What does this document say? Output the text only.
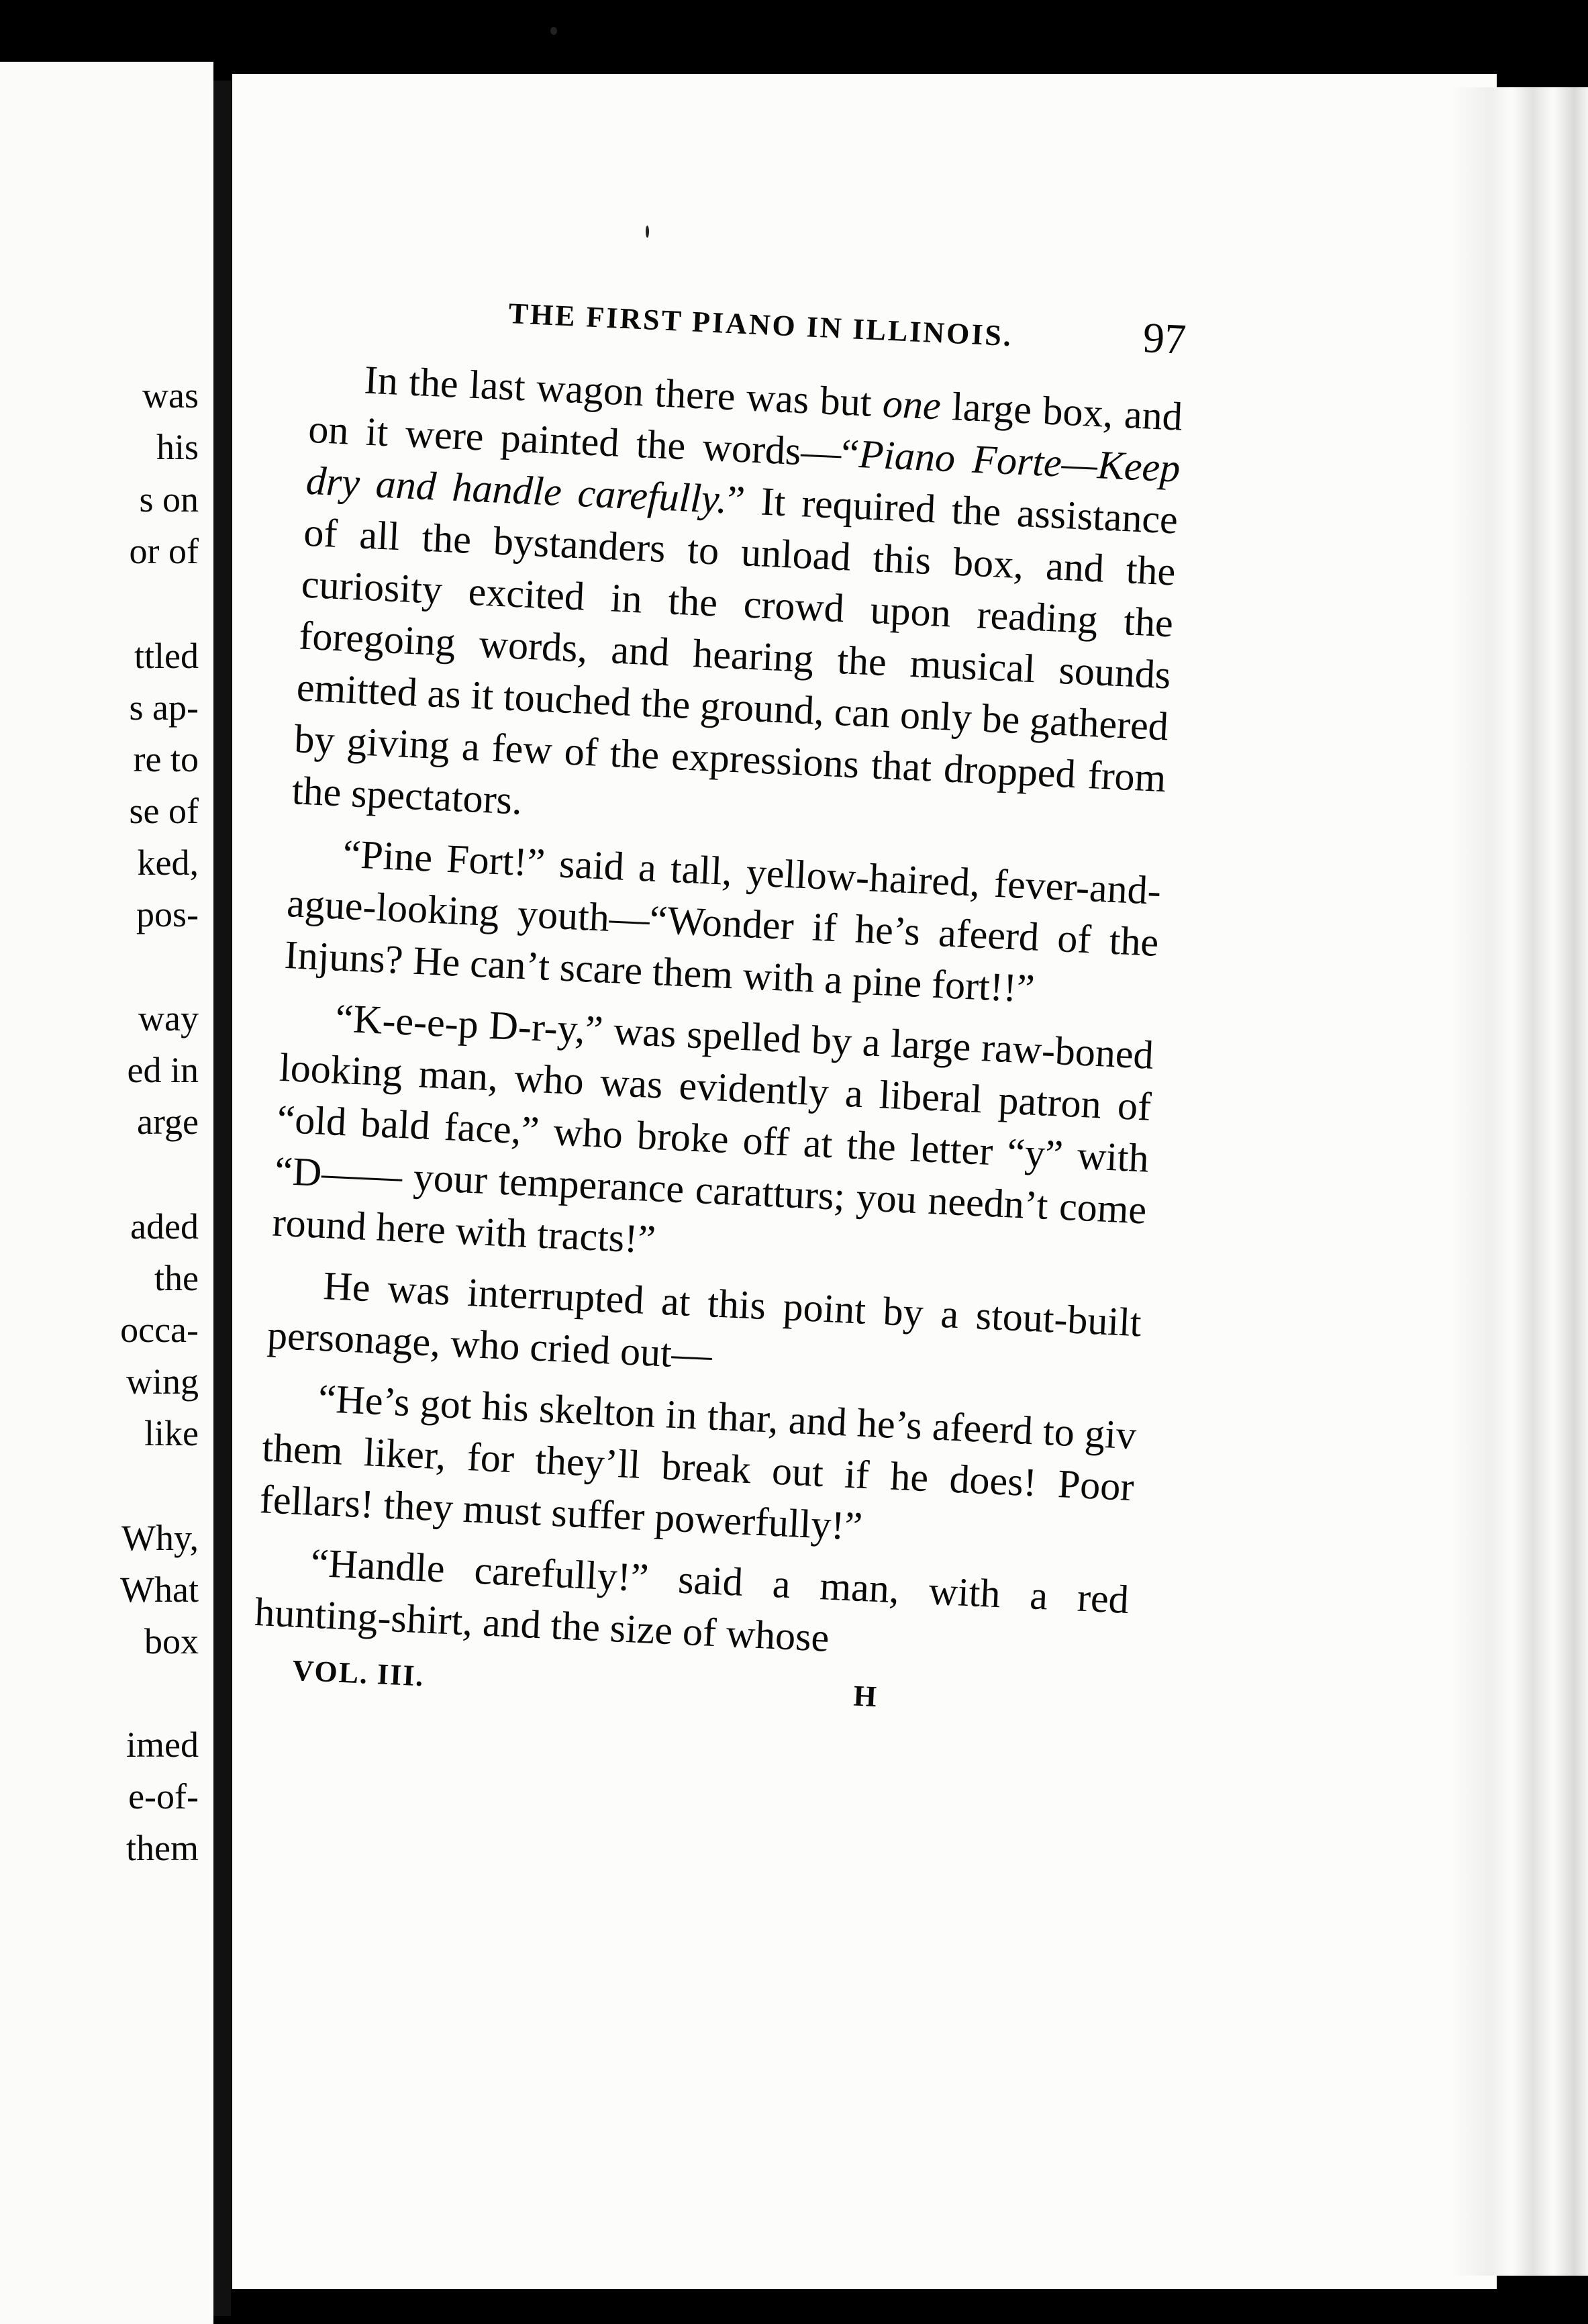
was
his
s on
or of
ttled
s ap-
re to
se of
ked,
pos-
way
ed in
arge
aded
the
occa-
wing
like
Why,
What
box
imed
e-of-
them
THE FIRST PIANO IN ILLINOIS.	97

In the last wagon there was but one large box, and on it were painted the words—“Piano Forte—Keep dry and handle carefully.” It required the assistance of all the bystanders to unload this box, and the curiosity excited in the crowd upon reading the foregoing words, and hearing the musical sounds emitted as it touched the ground, can only be gathered by giving a few of the expressions that dropped from the spectators.

“Pine Fort!” said a tall, yellow-haired, fever-and-ague-looking youth—“Wonder if he’s afeerd of the Injuns? He can’t scare them with a pine fort!!”

“K-e-e-p D-r-y,” was spelled by a large raw-boned looking man, who was evidently a liberal patron of “old bald face,” who broke off at the letter “y” with “D—— your temperance caratturs; you needn’t come round here with tracts!”

He was interrupted at this point by a stout-built personage, who cried out—

“He’s got his skelton in thar, and he’s afeerd to giv them liker, for they’ll break out if he does! Poor fellars! they must suffer powerfully!”

“Handle carefully!” said a man, with a red hunting-shirt, and the size of whose

VOL. III.
H
